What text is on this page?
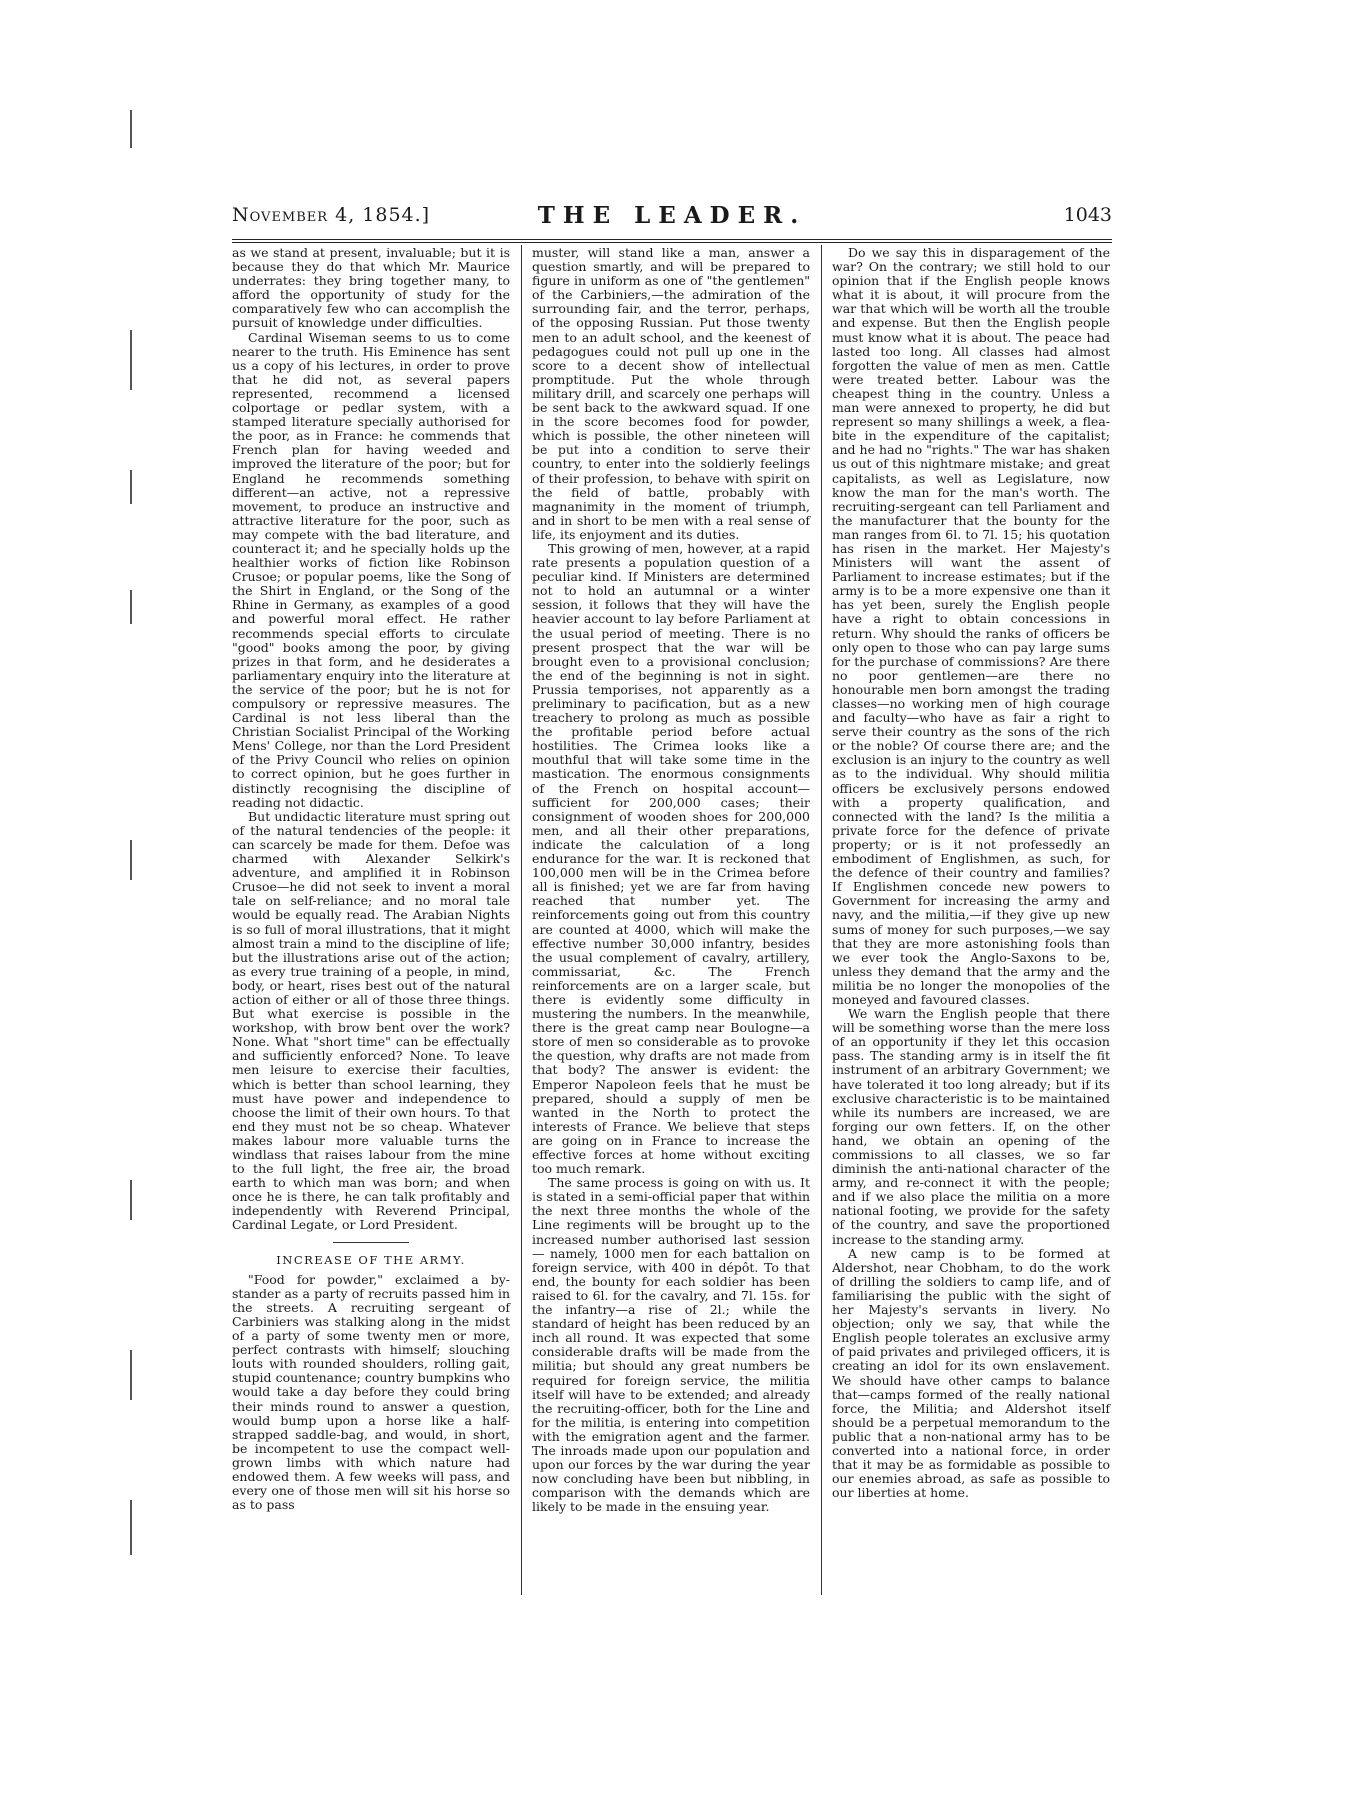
November 4, 1854.]	THE LEADER.	1043

as we stand at present, invaluable; but it is because they do that which Mr. Maurice underrates: they bring together many, to afford the opportunity of study for the comparatively few who can accomplish the pursuit of knowledge under difficulties.

Cardinal Wiseman seems to us to come nearer to the truth. His Eminence has sent us a copy of his lectures, in order to prove that he did not, as several papers represented, recommend a licensed colportage or pedlar system, with a stamped literature specially authorised for the poor, as in France: he commends that French plan for having weeded and improved the literature of the poor; but for England he recommends something different—an active, not a repressive movement, to produce an instructive and attractive literature for the poor, such as may compete with the bad literature, and counteract it; and he specially holds up the healthier works of fiction like Robinson Crusoe; or popular poems, like the Song of the Shirt in England, or the Song of the Rhine in Germany, as examples of a good and powerful moral effect. He rather recommends special efforts to circulate "good" books among the poor, by giving prizes in that form, and he desiderates a parliamentary enquiry into the literature at the service of the poor; but he is not for compulsory or repressive measures. The Cardinal is not less liberal than the Christian Socialist Principal of the Working Mens' College, nor than the Lord President of the Privy Council who relies on opinion to correct opinion, but he goes further in distinctly recognising the discipline of reading not didactic.

But undidactic literature must spring out of the natural tendencies of the people: it can scarcely be made for them. Defoe was charmed with Alexander Selkirk's adventure, and amplified it in Robinson Crusoe—he did not seek to invent a moral tale on self-reliance; and no moral tale would be equally read. The Arabian Nights is so full of moral illustrations, that it might almost train a mind to the discipline of life; but the illustrations arise out of the action; as every true training of a people, in mind, body, or heart, rises best out of the natural action of either or all of those three things. But what exercise is possible in the workshop, with brow bent over the work? None. What "short time" can be effectually and sufficiently enforced? None. To leave men leisure to exercise their faculties, which is better than school learning, they must have power and independence to choose the limit of their own hours. To that end they must not be so cheap. Whatever makes labour more valuable turns the windlass that raises labour from the mine to the full light, the free air, the broad earth to which man was born; and when once he is there, he can talk profitably and independently with Reverend Principal, Cardinal Legate, or Lord President.

INCREASE OF THE ARMY.

"Food for powder," exclaimed a by-stander as a party of recruits passed him in the streets. A recruiting sergeant of Carbiniers was stalking along in the midst of a party of some twenty men or more, perfect contrasts with himself; slouching louts with rounded shoulders, rolling gait, stupid countenance; country bumpkins who would take a day before they could bring their minds round to answer a question, would bump upon a horse like a half-strapped saddle-bag, and would, in short, be incompetent to use the compact well-grown limbs with which nature had endowed them. A few weeks will pass, and every one of those men will sit his horse so as to pass

muster, will stand like a man, answer a question smartly, and will be prepared to figure in uniform as one of "the gentlemen" of the Carbiniers,—the admiration of the surrounding fair, and the terror, perhaps, of the opposing Russian. Put those twenty men to an adult school, and the keenest of pedagogues could not pull up one in the score to a decent show of intellectual promptitude. Put the whole through military drill, and scarcely one perhaps will be sent back to the awkward squad. If one in the score becomes food for powder, which is possible, the other nineteen will be put into a condition to serve their country, to enter into the soldierly feelings of their profession, to behave with spirit on the field of battle, probably with magnanimity in the moment of triumph, and in short to be men with a real sense of life, its enjoyment and its duties.

This growing of men, however, at a rapid rate presents a population question of a peculiar kind. If Ministers are determined not to hold an autumnal or a winter session, it follows that they will have the heavier account to lay before Parliament at the usual period of meeting. There is no present prospect that the war will be brought even to a provisional conclusion; the end of the beginning is not in sight. Prussia temporises, not apparently as a preliminary to pacification, but as a new treachery to prolong as much as possible the profitable period before actual hostilities. The Crimea looks like a mouthful that will take some time in the mastication. The enormous consignments of the French on hospital account—sufficient for 200,000 cases; their consignment of wooden shoes for 200,000 men, and all their other preparations, indicate the calculation of a long endurance for the war. It is reckoned that 100,000 men will be in the Crimea before all is finished; yet we are far from having reached that number yet. The reinforcements going out from this country are counted at 4000, which will make the effective number 30,000 infantry, besides the usual complement of cavalry, artillery, commissariat, &c. The French reinforcements are on a larger scale, but there is evidently some difficulty in mustering the numbers. In the meanwhile, there is the great camp near Boulogne—a store of men so considerable as to provoke the question, why drafts are not made from that body? The answer is evident: the Emperor Napoleon feels that he must be prepared, should a supply of men be wanted in the North to protect the interests of France. We believe that steps are going on in France to increase the effective forces at home without exciting too much remark.

The same process is going on with us. It is stated in a semi-official paper that within the next three months the whole of the Line regiments will be brought up to the increased number authorised last session — namely, 1000 men for each battalion on foreign service, with 400 in dépôt. To that end, the bounty for each soldier has been raised to 6l. for the cavalry, and 7l. 15s. for the infantry—a rise of 2l.; while the standard of height has been reduced by an inch all round. It was expected that some considerable drafts will be made from the militia; but should any great numbers be required for foreign service, the militia itself will have to be extended; and already the recruiting-officer, both for the Line and for the militia, is entering into competition with the emigration agent and the farmer. The inroads made upon our population and upon our forces by the war during the year now concluding have been but nibbling, in comparison with the demands which are likely to be made in the ensuing year.

Do we say this in disparagement of the war? On the contrary; we still hold to our opinion that if the English people knows what it is about, it will procure from the war that which will be worth all the trouble and expense. But then the English people must know what it is about. The peace had lasted too long. All classes had almost forgotten the value of men as men. Cattle were treated better. Labour was the cheapest thing in the country. Unless a man were annexed to property, he did but represent so many shillings a week, a flea-bite in the expenditure of the capitalist; and he had no "rights." The war has shaken us out of this nightmare mistake; and great capitalists, as well as Legislature, now know the man for the man's worth. The recruiting-sergeant can tell Parliament and the manufacturer that the bounty for the man ranges from 6l. to 7l. 15; his quotation has risen in the market. Her Majesty's Ministers will want the assent of Parliament to increase estimates; but if the army is to be a more expensive one than it has yet been, surely the English people have a right to obtain concessions in return. Why should the ranks of officers be only open to those who can pay large sums for the purchase of commissions? Are there no poor gentlemen—are there no honourable men born amongst the trading classes—no working men of high courage and faculty—who have as fair a right to serve their country as the sons of the rich or the noble? Of course there are; and the exclusion is an injury to the country as well as to the individual. Why should militia officers be exclusively persons endowed with a property qualification, and connected with the land? Is the militia a private force for the defence of private property; or is it not professedly an embodiment of Englishmen, as such, for the defence of their country and families? If Englishmen concede new powers to Government for increasing the army and navy, and the militia,—if they give up new sums of money for such purposes,—we say that they are more astonishing fools than we ever took the Anglo-Saxons to be, unless they demand that the army and the militia be no longer the monopolies of the moneyed and favoured classes.

We warn the English people that there will be something worse than the mere loss of an opportunity if they let this occasion pass. The standing army is in itself the fit instrument of an arbitrary Government; we have tolerated it too long already; but if its exclusive characteristic is to be maintained while its numbers are increased, we are forging our own fetters. If, on the other hand, we obtain an opening of the commissions to all classes, we so far diminish the anti-national character of the army, and re-connect it with the people; and if we also place the militia on a more national footing, we provide for the safety of the country, and save the proportioned increase to the standing army.

A new camp is to be formed at Aldershot, near Chobham, to do the work of drilling the soldiers to camp life, and of familiarising the public with the sight of her Majesty's servants in livery. No objection; only we say, that while the English people tolerates an exclusive army of paid privates and privileged officers, it is creating an idol for its own enslavement. We should have other camps to balance that—camps formed of the really national force, the Militia; and Aldershot itself should be a perpetual memorandum to the public that a non-national army has to be converted into a national force, in order that it may be as formidable as possible to our enemies abroad, as safe as possible to our liberties at home.
